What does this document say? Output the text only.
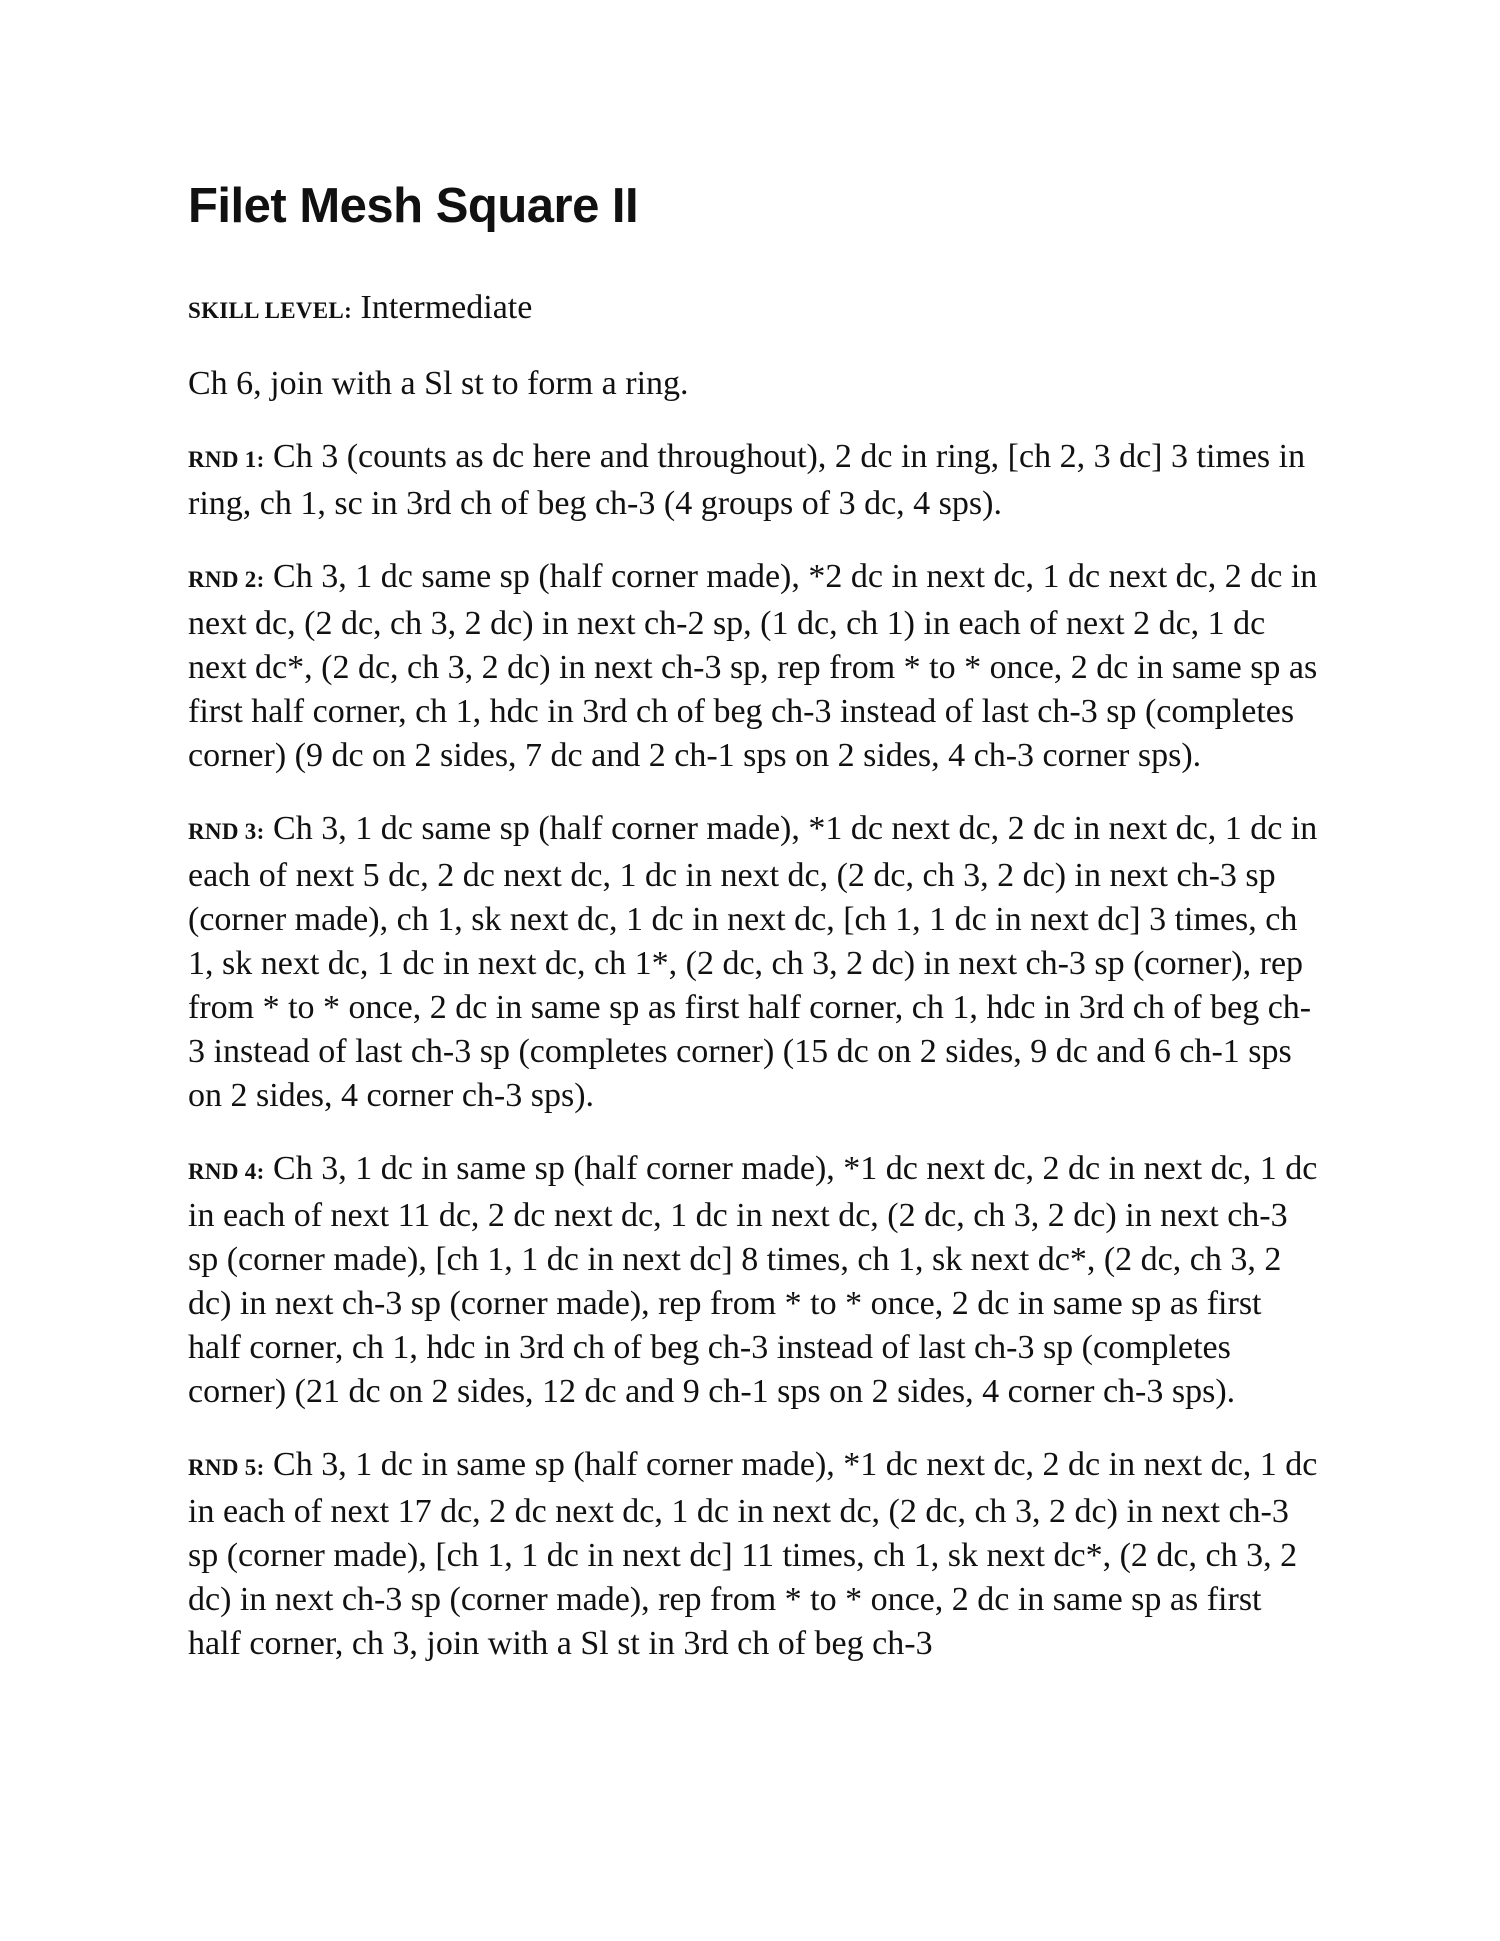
Filet Mesh Square II

SKILL LEVEL: Intermediate

Ch 6, join with a Sl st to form a ring.

RND 1: Ch 3 (counts as dc here and throughout), 2 dc in ring, [ch 2, 3 dc] 3 times in ring, ch 1, sc in 3rd ch of beg ch-3 (4 groups of 3 dc, 4 sps).

RND 2: Ch 3, 1 dc same sp (half corner made), *2 dc in next dc, 1 dc next dc, 2 dc in next dc, (2 dc, ch 3, 2 dc) in next ch-2 sp, (1 dc, ch 1) in each of next 2 dc, 1 dc next dc*, (2 dc, ch 3, 2 dc) in next ch-3 sp, rep from * to * once, 2 dc in same sp as first half corner, ch 1, hdc in 3rd ch of beg ch-3 instead of last ch-3 sp (completes corner) (9 dc on 2 sides, 7 dc and 2 ch-1 sps on 2 sides, 4 ch-3 corner sps).

RND 3: Ch 3, 1 dc same sp (half corner made), *1 dc next dc, 2 dc in next dc, 1 dc in each of next 5 dc, 2 dc next dc, 1 dc in next dc, (2 dc, ch 3, 2 dc) in next ch-3 sp (corner made), ch 1, sk next dc, 1 dc in next dc, [ch 1, 1 dc in next dc] 3 times, ch 1, sk next dc, 1 dc in next dc, ch 1*, (2 dc, ch 3, 2 dc) in next ch-3 sp (corner), rep from * to * once, 2 dc in same sp as first half corner, ch 1, hdc in 3rd ch of beg ch-3 instead of last ch-3 sp (completes corner) (15 dc on 2 sides, 9 dc and 6 ch-1 sps on 2 sides, 4 corner ch-3 sps).

RND 4: Ch 3, 1 dc in same sp (half corner made), *1 dc next dc, 2 dc in next dc, 1 dc in each of next 11 dc, 2 dc next dc, 1 dc in next dc, (2 dc, ch 3, 2 dc) in next ch-3 sp (corner made), [ch 1, 1 dc in next dc] 8 times, ch 1, sk next dc*, (2 dc, ch 3, 2 dc) in next ch-3 sp (corner made), rep from * to * once, 2 dc in same sp as first half corner, ch 1, hdc in 3rd ch of beg ch-3 instead of last ch-3 sp (completes corner) (21 dc on 2 sides, 12 dc and 9 ch-1 sps on 2 sides, 4 corner ch-3 sps).

RND 5: Ch 3, 1 dc in same sp (half corner made), *1 dc next dc, 2 dc in next dc, 1 dc in each of next 17 dc, 2 dc next dc, 1 dc in next dc, (2 dc, ch 3, 2 dc) in next ch-3 sp (corner made), [ch 1, 1 dc in next dc] 11 times, ch 1, sk next dc*, (2 dc, ch 3, 2 dc) in next ch-3 sp (corner made), rep from * to * once, 2 dc in same sp as first half corner, ch 3, join with a Sl st in 3rd ch of beg ch-3
